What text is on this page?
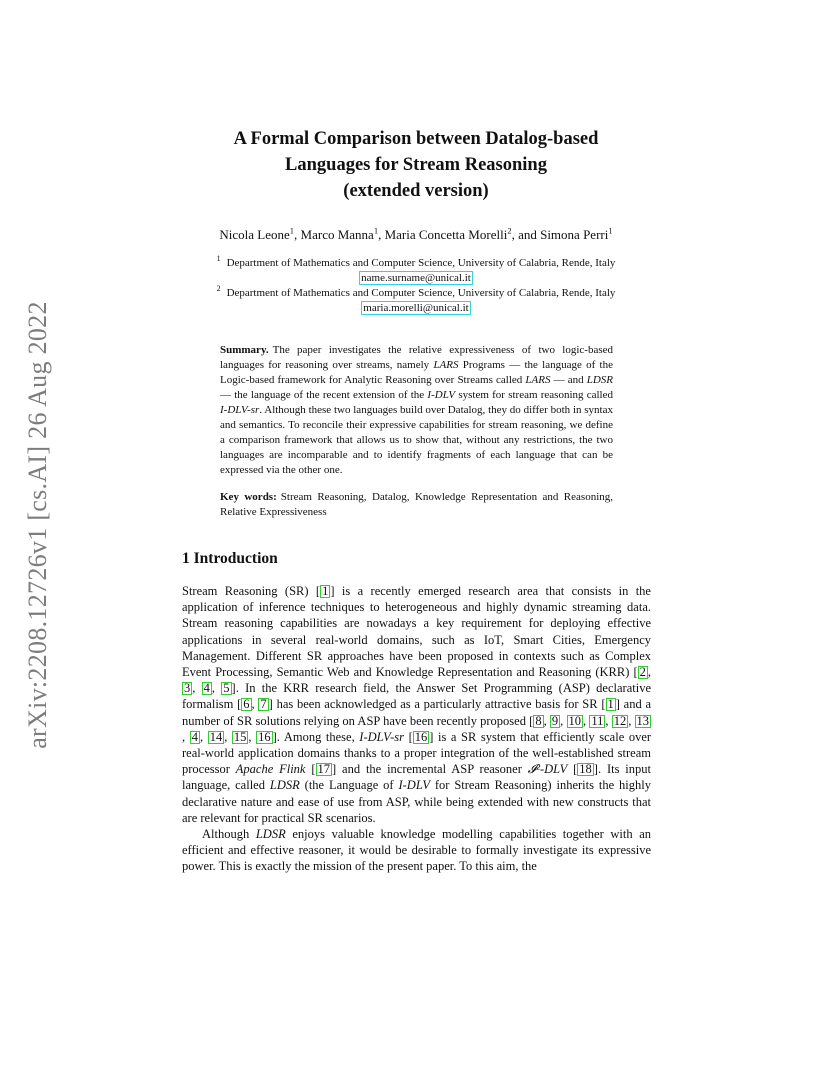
arXiv:2208.12726v1 [cs.AI] 26 Aug 2022
A Formal Comparison between Datalog-based
Languages for Stream Reasoning
(extended version)
Nicola Leone$^1$, Marco Manna$^1$, Maria Concetta Morelli$^2$, and Simona Perri$^1$
$^1$ Department of Mathematics and Computer Science, University of Calabria, Rende, Italy
name.surname@unical.it
$^2$ Department of Mathematics and Computer Science, University of Calabria, Rende, Italy
maria.morelli@unical.it
Summary. The paper investigates the relative expressiveness of two logic-based languages for reasoning over streams, namely LARS Programs — the language of the Logic-based framework for Analytic Reasoning over Streams called LARS — and LDSR — the language of the recent extension of the I-DLV system for stream reasoning called I-DLV-sr. Although these two languages build over Datalog, they do differ both in syntax and semantics. To reconcile their expressive capabilities for stream reasoning, we define a comparison framework that allows us to show that, without any restrictions, the two languages are incomparable and to identify fragments of each language that can be expressed via the other one.
Key words: Stream Reasoning, Datalog, Knowledge Representation and Reasoning, Relative Expressiveness
1 Introduction

Stream Reasoning (SR) [ 1 ] is a recently emerged research area that consists in the application of inference techniques to heterogeneous and highly dynamic streaming data. Stream reasoning capabilities are nowadays a key requirement for deploying effective applications in several real-world domains, such as IoT, Smart Cities, Emergency Management. Different SR approaches have been proposed in contexts such as Complex Event Processing, Semantic Web and Knowledge Representation and Reasoning (KRR) [ 2 , 3 , 4 , 5 ]. In the KRR research field, the Answer Set Programming (ASP) declarative formalism [ 6 , 7 ] has been acknowledged as a particularly attractive basis for SR [ 1 ] and a number of SR solutions relying on ASP have been recently proposed [ 8 , 9 , 10 , 11 , 12 , 13, 4 , 14 , 15 , 16 ]. Among these, I-DLV-sr [ 16 ] is a SR system that efficiently scale over real-world application domains thanks to a proper integration of the well-established stream processor Apache Flink [ 17 ] and the incremental ASP reasoner 𝓘²-DLV [ 18 ]. Its input language, called LDSR (the Language of I-DLV for Stream Reasoning) inherits the highly declarative nature and ease of use from ASP, while being extended with new constructs that are relevant for practical SR scenarios.

Although LDSR enjoys valuable knowledge modelling capabilities together with an efficient and effective reasoner, it would be desirable to formally investigate its expressive power. This is exactly the mission of the present paper. To this aim, the
